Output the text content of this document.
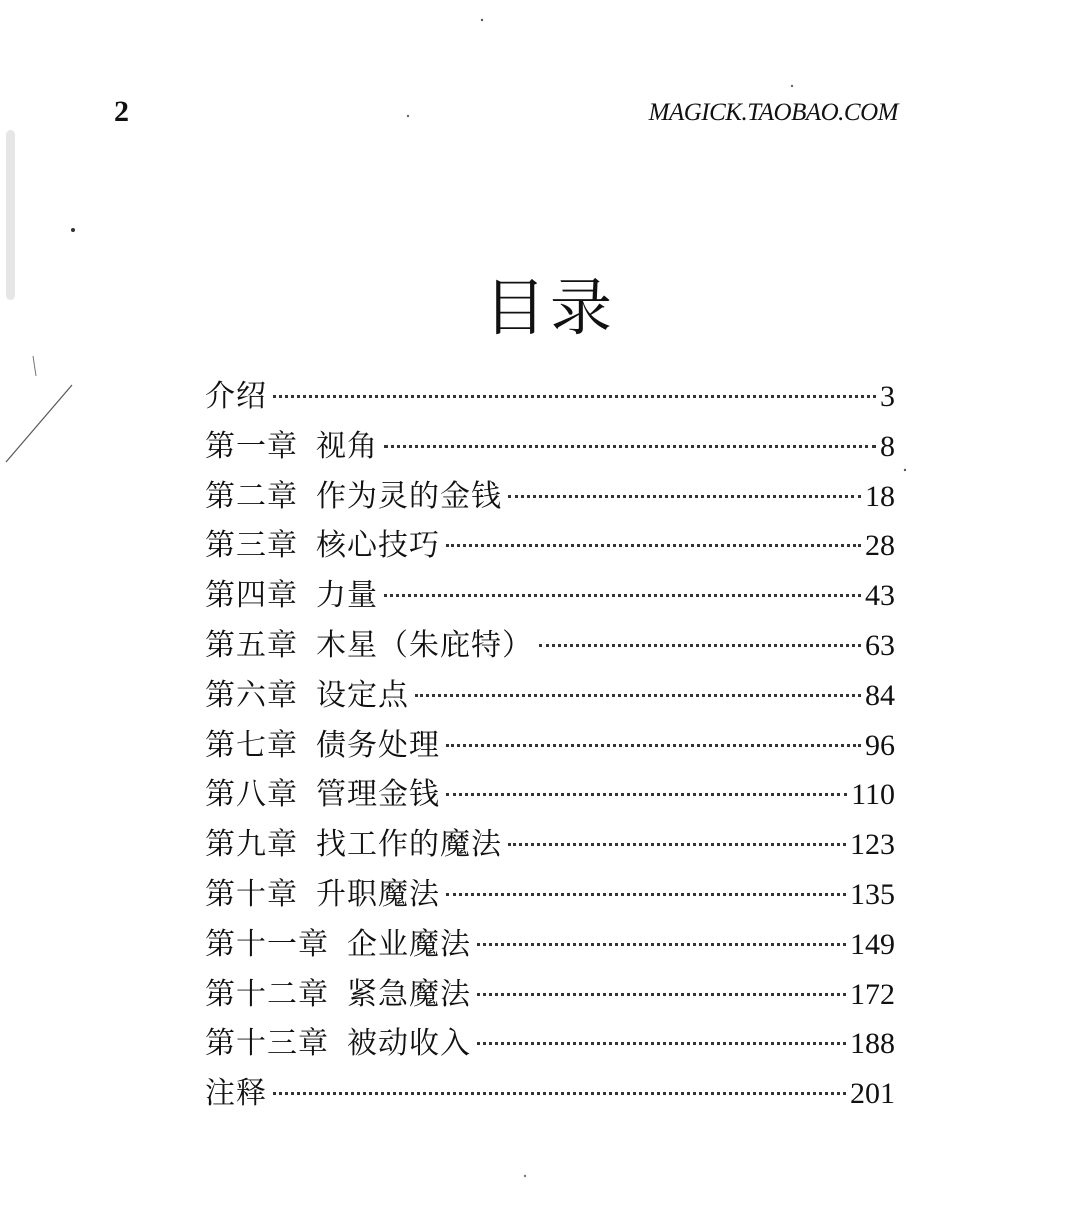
2	MAGICK.TAOBAO.COM
目录
介绍	3
第一章 视角	8
第二章 作为灵的金钱	18
第三章 核心技巧	28
第四章 力量	43
第五章 木星（朱庇特）	63
第六章 设定点	84
第七章 债务处理	96
第八章 管理金钱	110
第九章 找工作的魔法	123
第十章 升职魔法	135
第十一章 企业魔法	149
第十二章 紧急魔法	172
第十三章 被动收入	188
注释	201
